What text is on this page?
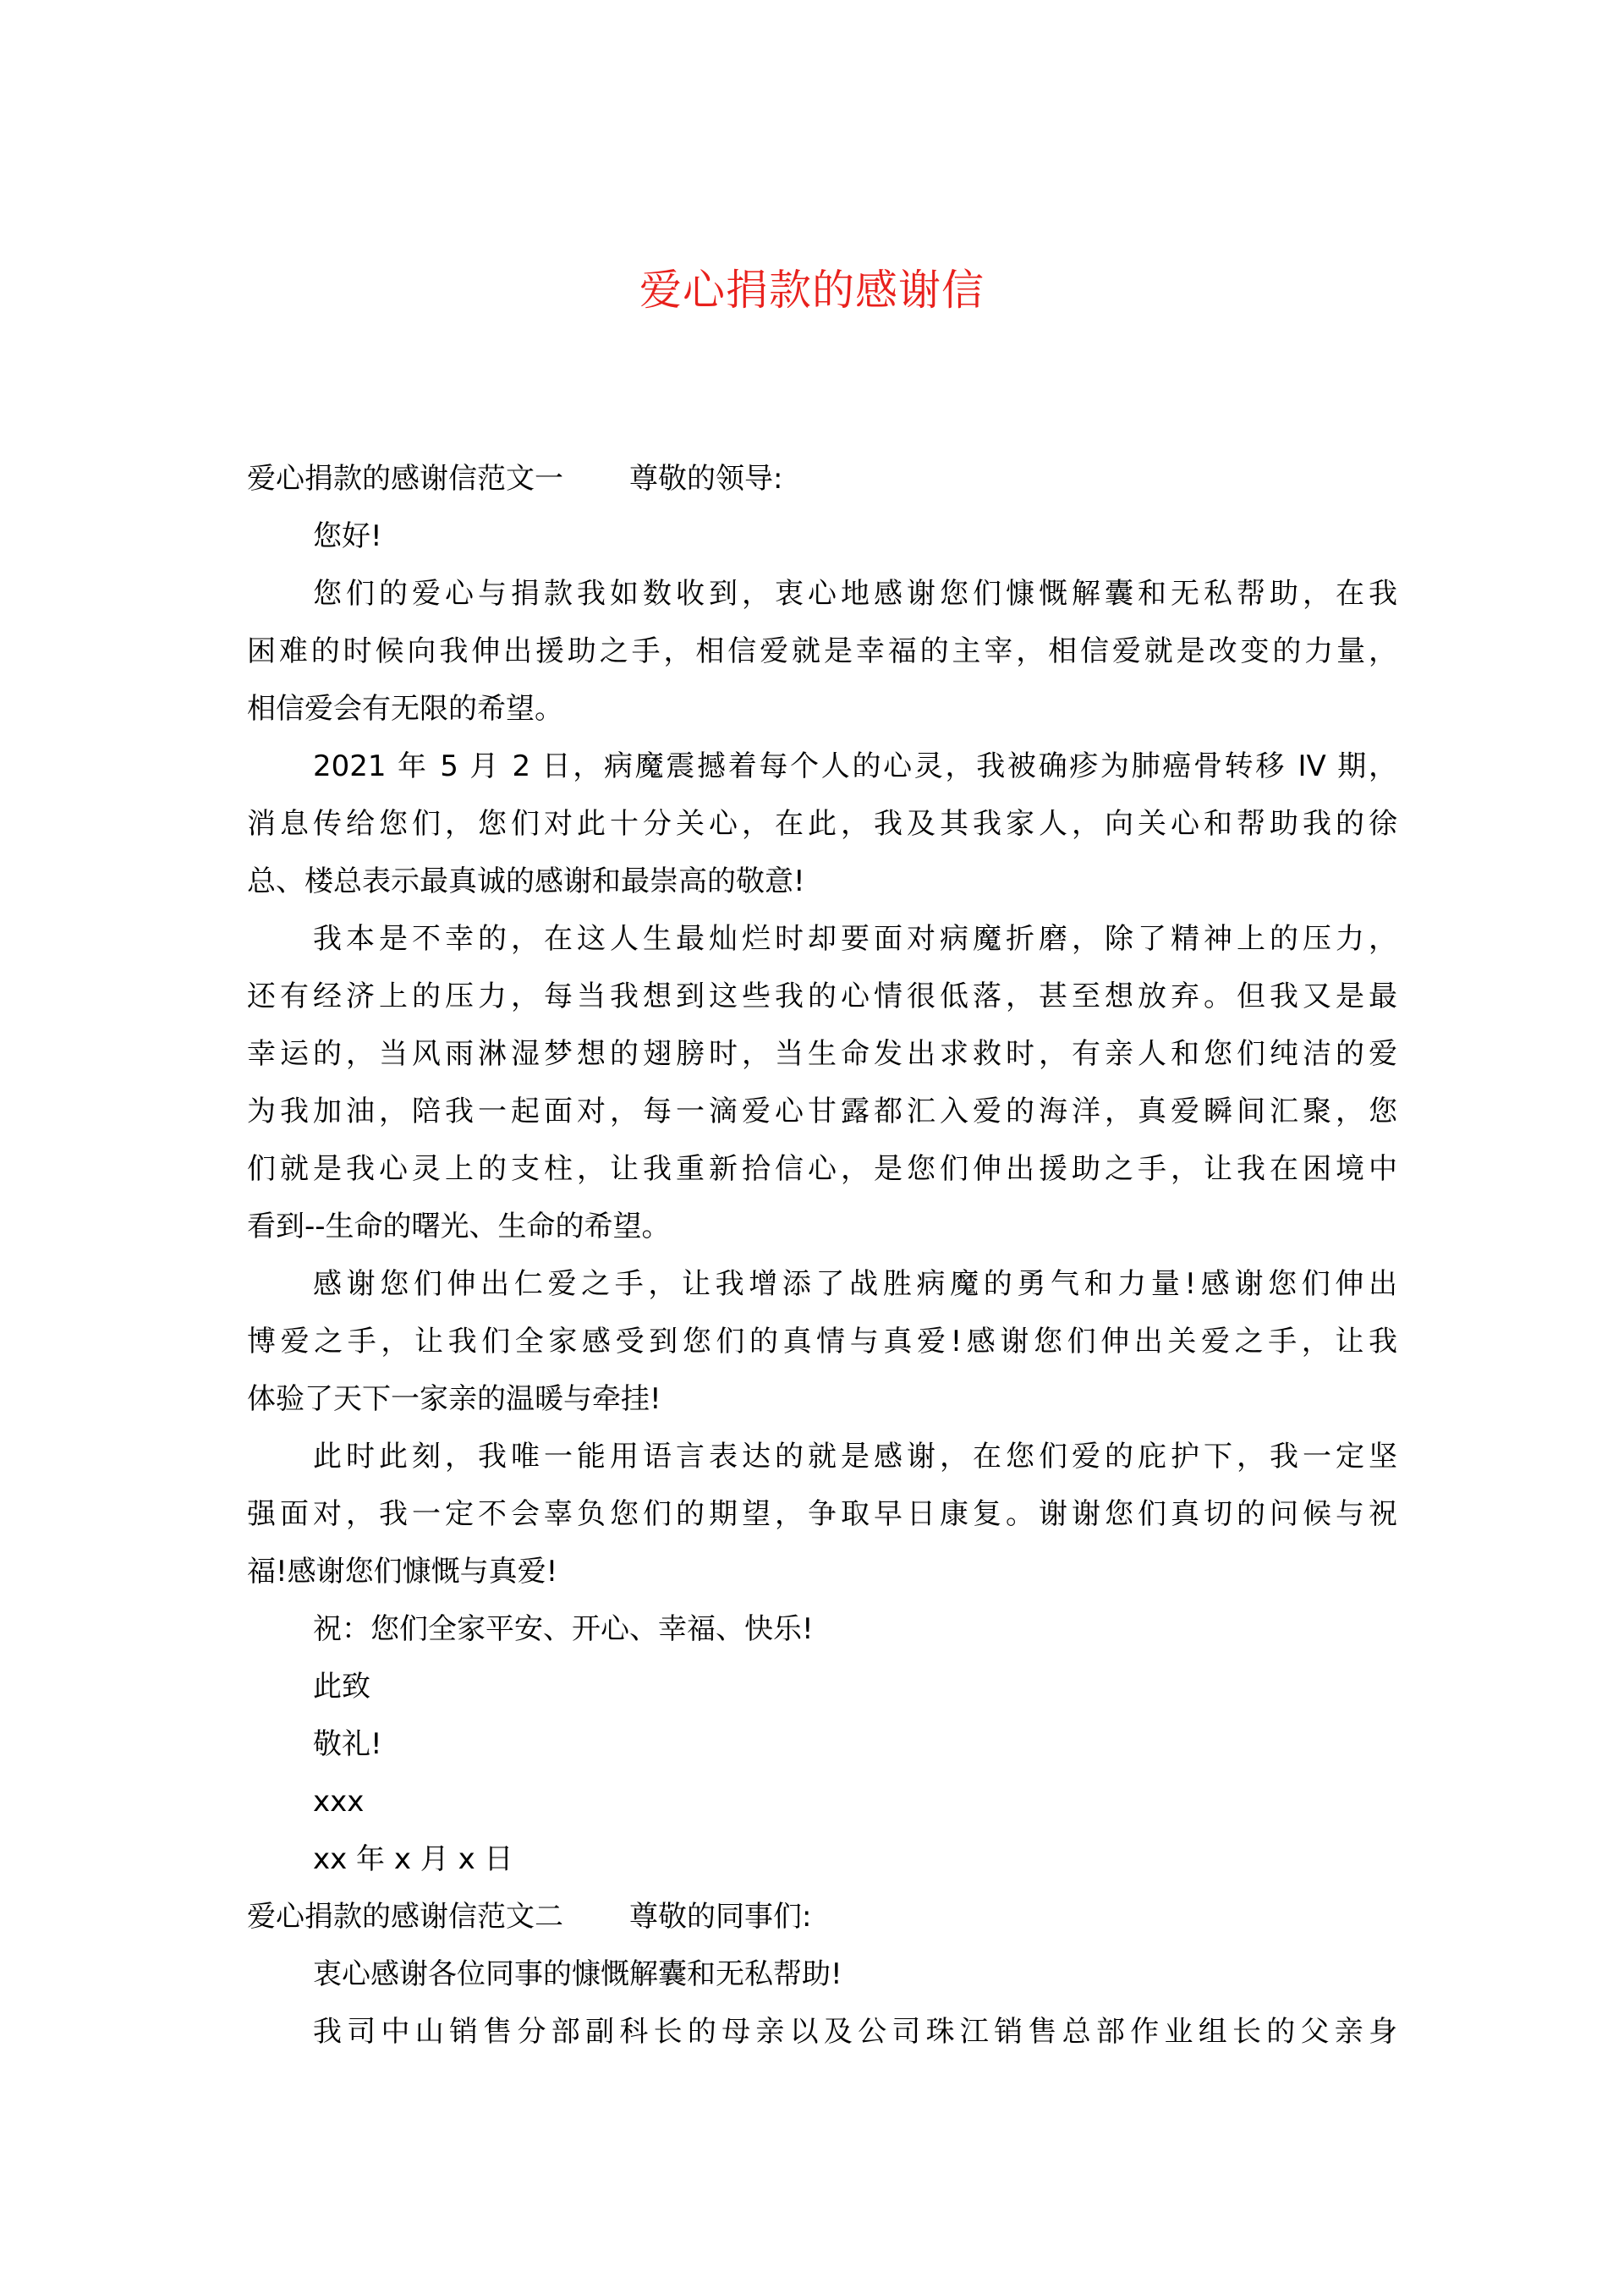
爱心捐款的感谢信
爱心捐款的感谢信范文一 尊敬的领导:
您好!
您们的爱心与捐款我如数收到，衷心地感谢您们慷慨解囊和无私帮助，在我
困难的时候向我伸出援助之手，相信爱就是幸福的主宰，相信爱就是改变的力量，
相信爱会有无限的希望。
2021 年 5 月 2 日，病魔震撼着每个人的心灵，我被确疹为肺癌骨转移 IV 期，
消息传给您们，您们对此十分关心，在此，我及其我家人，向关心和帮助我的徐
总、楼总表示最真诚的感谢和最崇高的敬意!
我本是不幸的，在这人生最灿烂时却要面对病魔折磨，除了精神上的压力，
还有经济上的压力，每当我想到这些我的心情很低落，甚至想放弃。但我又是最
幸运的，当风雨淋湿梦想的翅膀时，当生命发出求救时，有亲人和您们纯洁的爱
为我加油，陪我一起面对，每一滴爱心甘露都汇入爱的海洋，真爱瞬间汇聚，您
们就是我心灵上的支柱，让我重新拾信心，是您们伸出援助之手，让我在困境中
看到--生命的曙光、生命的希望。
感谢您们伸出仁爱之手，让我增添了战胜病魔的勇气和力量!感谢您们伸出
博爱之手，让我们全家感受到您们的真情与真爱!感谢您们伸出关爱之手，让我
体验了天下一家亲的温暖与牵挂!
此时此刻，我唯一能用语言表达的就是感谢，在您们爱的庇护下，我一定坚
强面对，我一定不会辜负您们的期望，争取早日康复。谢谢您们真切的问候与祝
福!感谢您们慷慨与真爱!
祝：您们全家平安、开心、幸福、快乐!
此致
敬礼!
xxx
xx 年 x 月 x 日
爱心捐款的感谢信范文二 尊敬的同事们:
衷心感谢各位同事的慷慨解囊和无私帮助!
我司中山销售分部副科长的母亲以及公司珠江销售总部作业组长的父亲身
